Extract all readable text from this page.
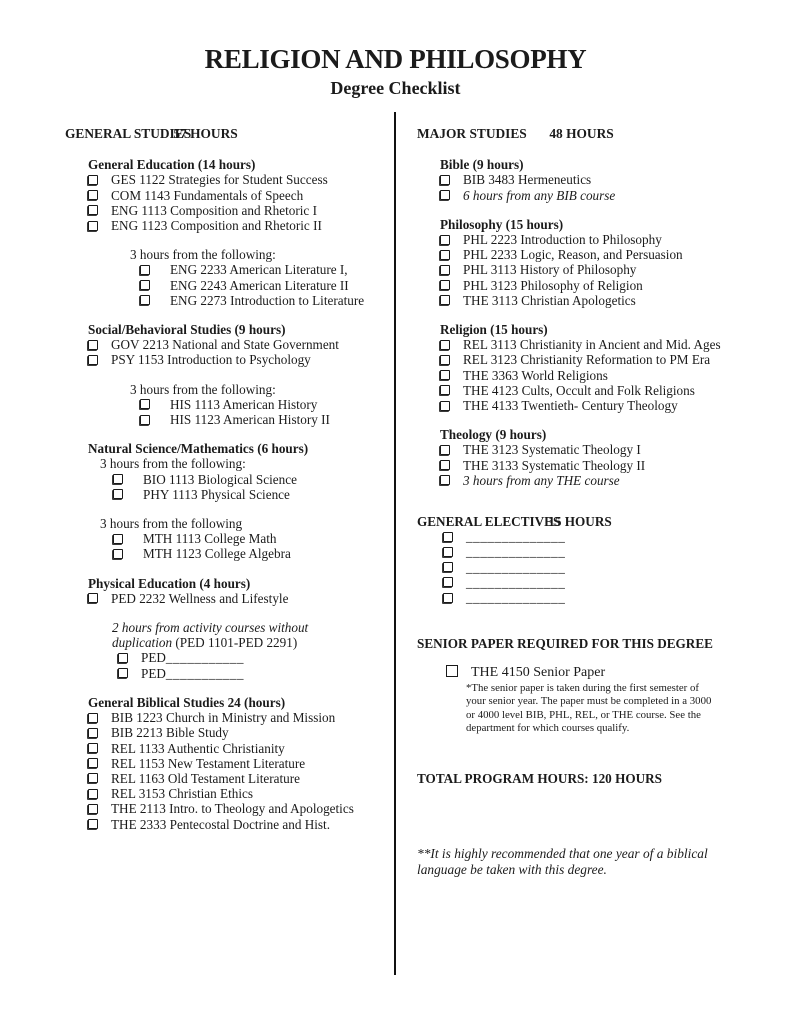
RELIGION AND PHILOSOPHY
Degree Checklist
GENERAL STUDIES 57 HOURS
General Education (14 hours)
GES 1122 Strategies for Student Success
COM 1143 Fundamentals of Speech
ENG 1113 Composition and Rhetoric I
ENG 1123 Composition and Rhetoric II
3 hours from the following:
ENG 2233 American Literature I,
ENG 2243 American Literature II
ENG 2273 Introduction to Literature
Social/Behavioral Studies (9 hours)
GOV 2213 National and State Government
PSY 1153 Introduction to Psychology
3 hours from the following:
HIS 1113 American History
HIS 1123 American History II
Natural Science/Mathematics (6 hours)
3 hours from the following:
BIO 1113 Biological Science
PHY 1113 Physical Science
3 hours from the following
MTH 1113 College Math
MTH 1123 College Algebra
Physical Education (4 hours)
PED 2232 Wellness and Lifestyle
2 hours from activity courses without
duplication (PED 1101-PED 2291)
PED___________
PED___________
General Biblical Studies 24 (hours)
BIB 1223 Church in Ministry and Mission
BIB 2213 Bible Study
REL 1133 Authentic Christianity
REL 1153 New Testament Literature
REL 1163 Old Testament Literature
REL 3153 Christian Ethics
THE 2113 Intro. to Theology and Apologetics
THE 2333 Pentecostal Doctrine and Hist.
MAJOR STUDIES 48 HOURS
Bible (9 hours)
BIB 3483 Hermeneutics
6 hours from any BIB course
Philosophy (15 hours)
PHL 2223 Introduction to Philosophy
PHL 2233 Logic, Reason, and Persuasion
PHL 3113 History of Philosophy
PHL 3123 Philosophy of Religion
THE 3113 Christian Apologetics
Religion (15 hours)
REL 3113 Christianity in Ancient and Mid. Ages
REL 3123 Christianity Reformation to PM Era
THE 3363 World Religions
THE 4123 Cults, Occult and Folk Religions
THE 4133 Twentieth- Century Theology
Theology (9 hours)
THE 3123 Systematic Theology I
THE 3133 Systematic Theology II
3 hours from any THE course
GENERAL ELECTIVES 15 HOURS
______________
______________
______________
______________
______________
SENIOR PAPER REQUIRED FOR THIS DEGREE
THE 4150 Senior Paper
*The senior paper is taken during the first semester of your senior year. The paper must be completed in a 3000 or 4000 level BIB, PHL, REL, or THE course. See the department for which courses qualify.
TOTAL PROGRAM HOURS: 120 HOURS
**It is highly recommended that one year of a biblical language be taken with this degree.
